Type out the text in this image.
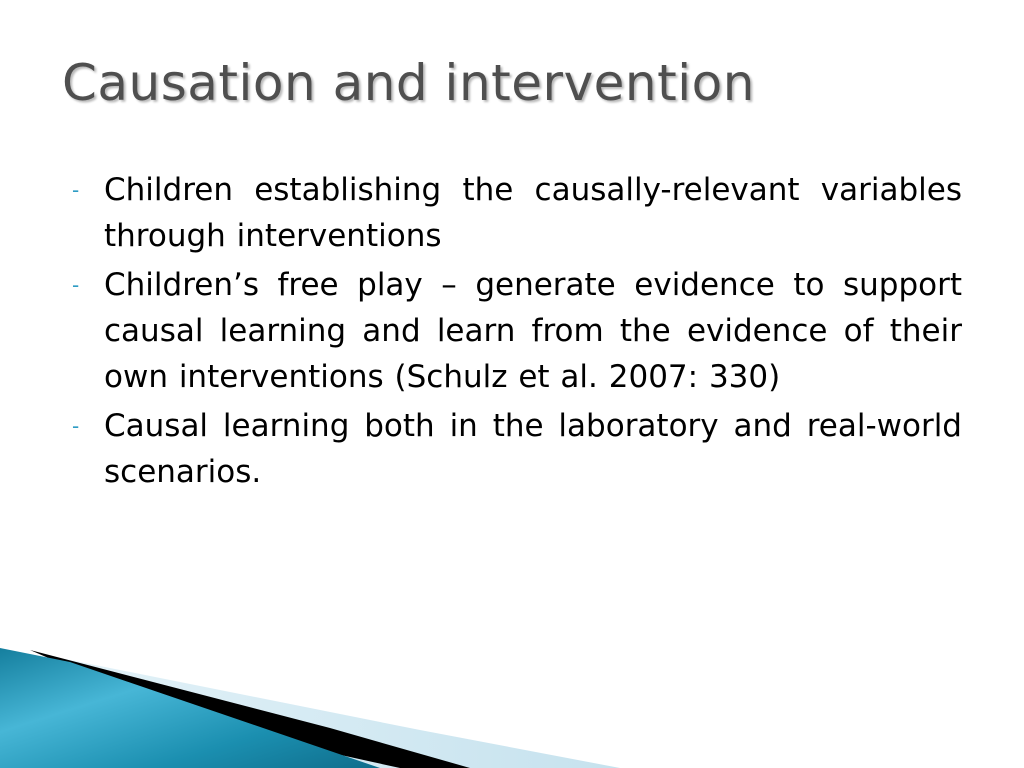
Causation and intervention
- Children establishing the causally-relevant variables through interventions
- Children’s free play – generate evidence to support causal learning and learn from the evidence of their own interventions (Schulz et al. 2007: 330)
- Causal learning both in the laboratory and real-world scenarios.
